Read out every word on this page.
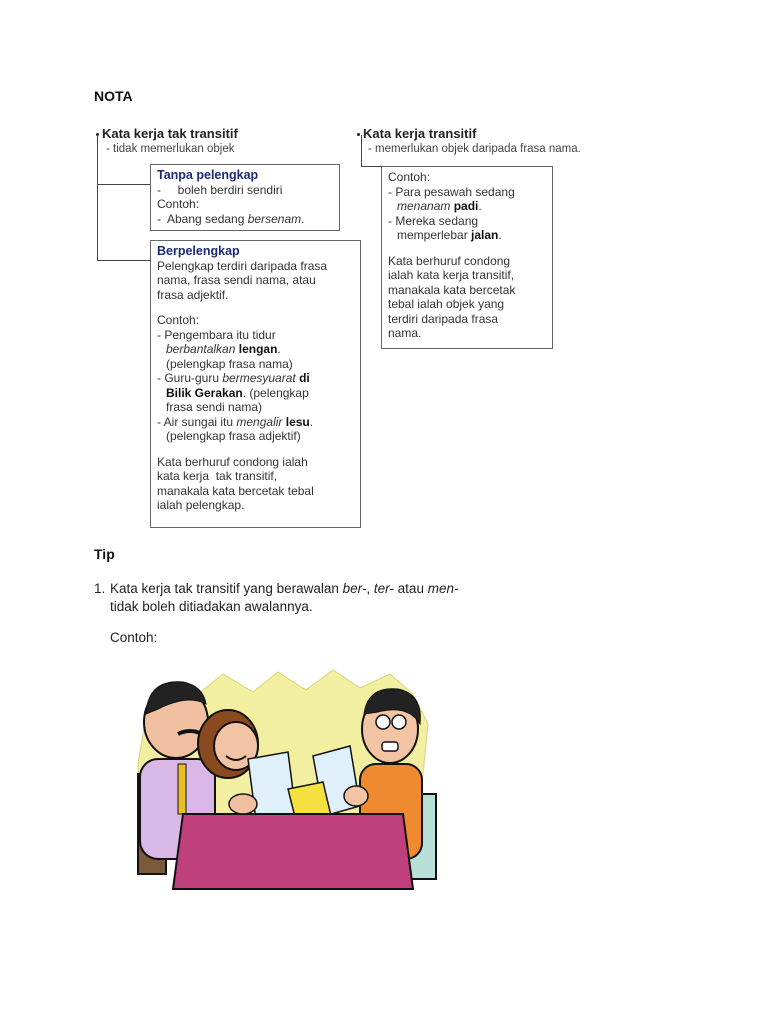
NOTA
Kata kerja tak transitif
- tidak memerlukan objek
Kata kerja transitif
- memerlukan objek daripada frasa nama.

Tanpa pelengkap

-     boleh berdiri sendiri

Contoh:

-  Abang sedang bersenam.

Berpelengkap

Pelengkap terdiri daripada frasa

nama, frasa sendi nama, atau

frasa adjektif.

Contoh:

- Pengembara itu tidur

berbantalkan lengan.

(pelengkap frasa nama)

- Guru-guru bermesyuarat di

Bilik Gerakan. (pelengkap

frasa sendi nama)

- Air sungai itu mengalir lesu.

(pelengkap frasa adjektif)

Kata berhuruf condong ialah

kata kerja  tak transitif,

manakala kata bercetak tebal

ialah pelengkap.

Contoh:

- Para pesawah sedang

menanam padi.

- Mereka sedang

memperlebar jalan.

Kata berhuruf condong

ialah kata kerja transitif,

manakala kata bercetak

tebal ialah objek yang

terdiri daripada frasa

nama.

Tip
1. Kata kerja tak transitif yang berawalan ber-, ter- atau men-
tidak boleh ditiadakan awalannya.
Contoh:
